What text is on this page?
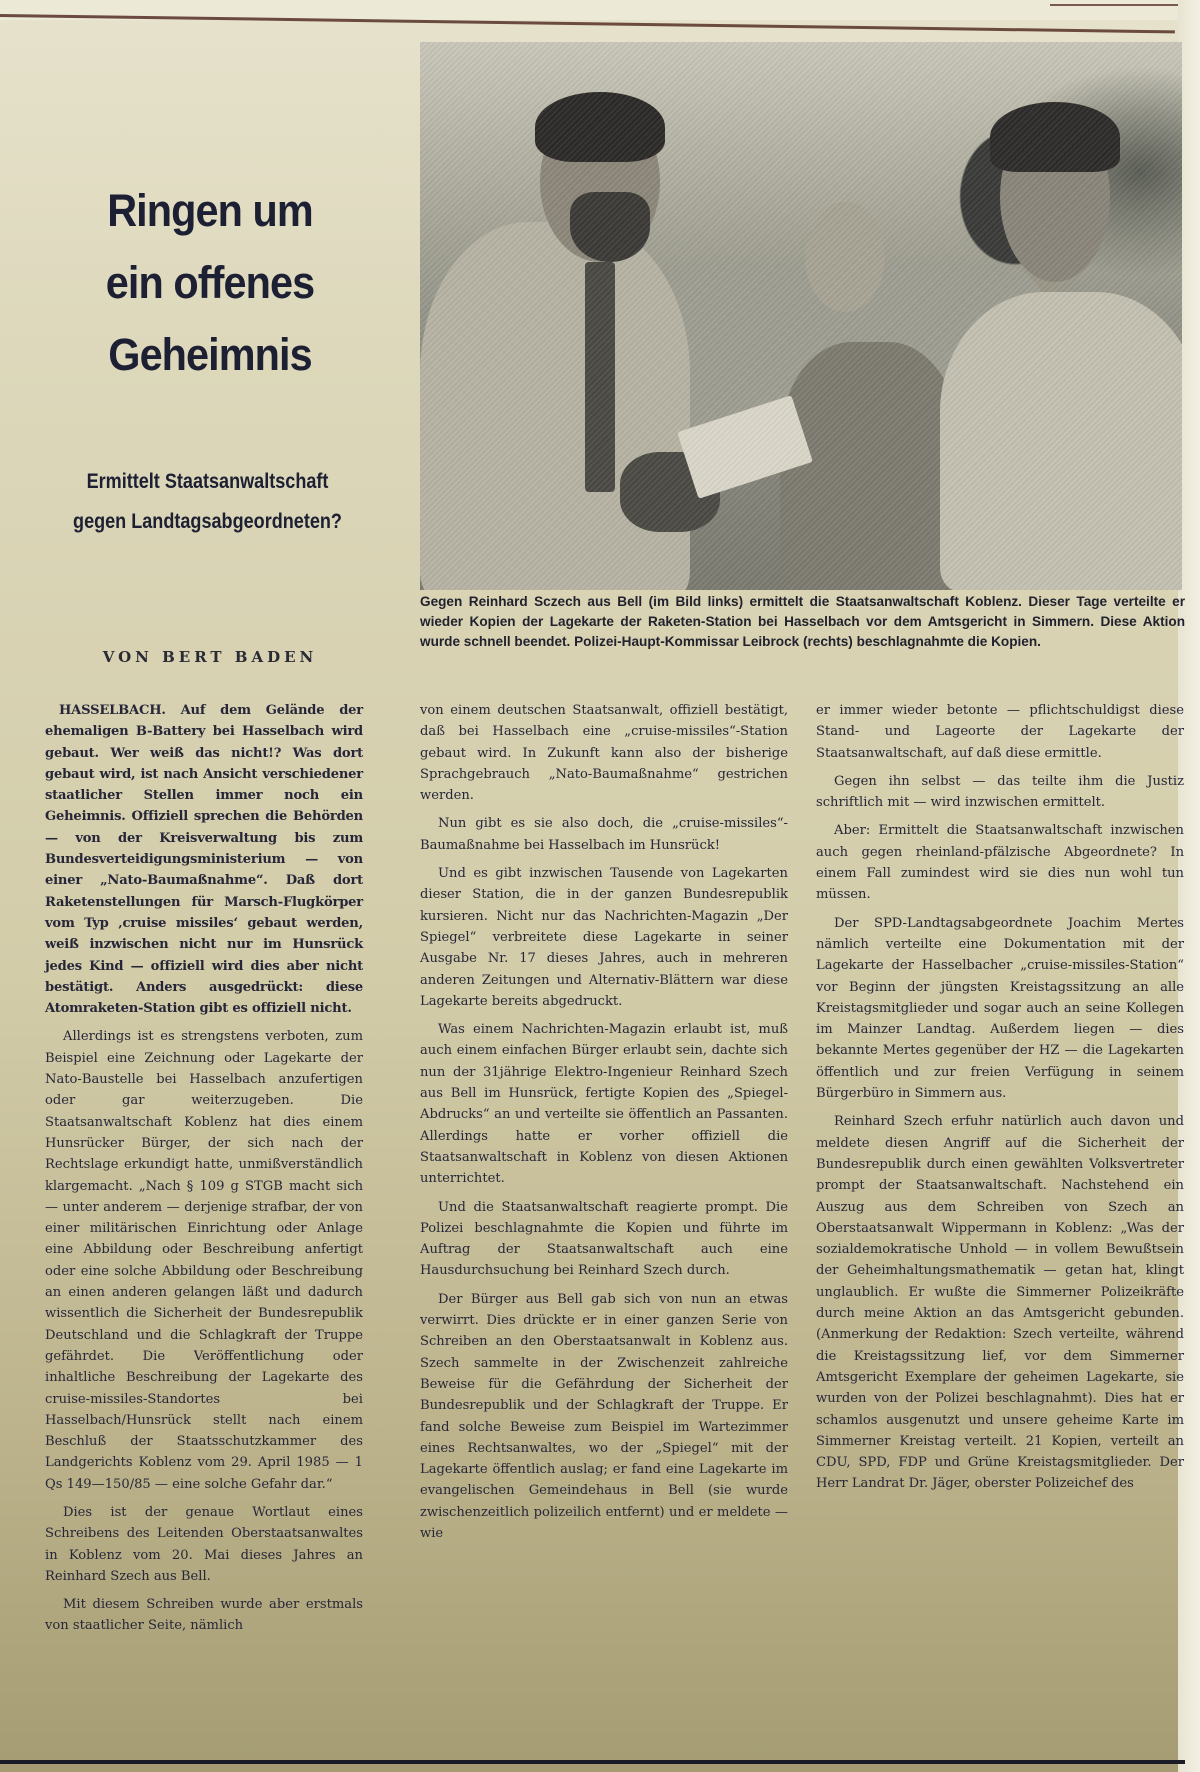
Ringen um
ein offenes
Geheimnis
Ermittelt Staatsanwaltschaft
gegen Landtagsabgeordneten?
Gegen Reinhard Sczech aus Bell (im Bild links) ermittelt die Staatsanwaltschaft Koblenz. Dieser Tage verteilte er wieder Kopien der Lagekarte der Raketen-Station bei Hasselbach vor dem Amtsgericht in Simmern. Diese Aktion wurde schnell beendet. Polizei-Haupt-Kommissar Leibrock (rechts) beschlagnahmte die Kopien.
VON BERT BADEN

HASSELBACH. Auf dem Gelände der ehemaligen B-Battery bei Hasselbach wird gebaut. Wer weiß das nicht!? Was dort gebaut wird, ist nach Ansicht verschiedener staatlicher Stellen immer noch ein Geheimnis. Offiziell sprechen die Behörden — von der Kreisverwaltung bis zum Bundesverteidigungsministerium — von einer „Nato-Baumaßnahme“. Daß dort Raketenstellungen für Marsch-Flugkörper vom Typ ‚cruise missiles‘ gebaut werden, weiß inzwischen nicht nur im Hunsrück jedes Kind — offiziell wird dies aber nicht bestätigt. Anders ausgedrückt: diese Atomraketen-Station gibt es offiziell nicht.

Allerdings ist es strengstens verboten, zum Beispiel eine Zeichnung oder Lagekarte der Nato-Baustelle bei Hasselbach anzufertigen oder gar weiterzugeben. Die Staatsanwaltschaft Koblenz hat dies einem Hunsrücker Bürger, der sich nach der Rechtslage erkundigt hatte, unmißverständlich klargemacht. „Nach § 109 g STGB macht sich — unter anderem — derjenige strafbar, der von einer militärischen Einrichtung oder Anlage eine Abbildung oder Beschreibung anfertigt oder eine solche Abbildung oder Beschreibung an einen anderen gelangen läßt und dadurch wissentlich die Sicherheit der Bundesrepublik Deutschland und die Schlagkraft der Truppe gefährdet. Die Veröffentlichung oder inhaltliche Beschreibung der Lagekarte des cruise-missiles-Standortes bei Hasselbach/Hunsrück stellt nach einem Beschluß der Staatsschutzkammer des Landgerichts Koblenz vom 29. April 1985 — 1 Qs 149—150/85 — eine solche Gefahr dar.“

Dies ist der genaue Wortlaut eines Schreibens des Leitenden Oberstaatsanwaltes in Koblenz vom 20. Mai dieses Jahres an Reinhard Szech aus Bell.

Mit diesem Schreiben wurde aber erstmals von staatlicher Seite, nämlich

von einem deutschen Staatsanwalt, offiziell bestätigt, daß bei Hasselbach eine „cruise-missiles“-Station gebaut wird. In Zukunft kann also der bisherige Sprachgebrauch „Nato-Baumaßnahme“ gestrichen werden.

Nun gibt es sie also doch, die „cruise-missiles“-Baumaßnahme bei Hasselbach im Hunsrück!

Und es gibt inzwischen Tausende von Lagekarten dieser Station, die in der ganzen Bundesrepublik kursieren. Nicht nur das Nachrichten-Magazin „Der Spiegel“ verbreitete diese Lagekarte in seiner Ausgabe Nr. 17 dieses Jahres, auch in mehreren anderen Zeitungen und Alternativ-Blättern war diese Lagekarte bereits abgedruckt.

Was einem Nachrichten-Magazin erlaubt ist, muß auch einem einfachen Bürger erlaubt sein, dachte sich nun der 31jährige Elektro-Ingenieur Reinhard Szech aus Bell im Hunsrück, fertigte Kopien des „Spiegel-Abdrucks“ an und verteilte sie öffentlich an Passanten. Allerdings hatte er vorher offiziell die Staatsanwaltschaft in Koblenz von diesen Aktionen unterrichtet.

Und die Staatsanwaltschaft reagierte prompt. Die Polizei beschlagnahmte die Kopien und führte im Auftrag der Staatsanwaltschaft auch eine Hausdurchsuchung bei Reinhard Szech durch.

Der Bürger aus Bell gab sich von nun an etwas verwirrt. Dies drückte er in einer ganzen Serie von Schreiben an den Oberstaatsanwalt in Koblenz aus. Szech sammelte in der Zwischenzeit zahlreiche Beweise für die Gefährdung der Sicherheit der Bundesrepublik und der Schlagkraft der Truppe. Er fand solche Beweise zum Beispiel im Wartezimmer eines Rechtsanwaltes, wo der „Spiegel“ mit der Lagekarte öffentlich auslag; er fand eine Lagekarte im evangelischen Gemeindehaus in Bell (sie wurde zwischenzeitlich polizeilich entfernt) und er meldete — wie

er immer wieder betonte — pflichtschuldigst diese Stand- und Lageorte der Lagekarte der Staatsanwaltschaft, auf daß diese ermittle.

Gegen ihn selbst — das teilte ihm die Justiz schriftlich mit — wird inzwischen ermittelt.

Aber: Ermittelt die Staatsanwaltschaft inzwischen auch gegen rheinland-pfälzische Abgeordnete? In einem Fall zumindest wird sie dies nun wohl tun müssen.

Der SPD-Landtagsabgeordnete Joachim Mertes nämlich verteilte eine Dokumentation mit der Lagekarte der Hasselbacher „cruise-missiles-Station“ vor Beginn der jüngsten Kreistagssitzung an alle Kreistagsmitglieder und sogar auch an seine Kollegen im Mainzer Landtag. Außerdem liegen — dies bekannte Mertes gegenüber der HZ — die Lagekarten öffentlich und zur freien Verfügung in seinem Bürgerbüro in Simmern aus.

Reinhard Szech erfuhr natürlich auch davon und meldete diesen Angriff auf die Sicherheit der Bundesrepublik durch einen gewählten Volksvertreter prompt der Staatsanwaltschaft. Nachstehend ein Auszug aus dem Schreiben von Szech an Oberstaatsanwalt Wippermann in Koblenz: „Was der sozialdemokratische Unhold — in vollem Bewußtsein der Geheimhaltungsmathematik — getan hat, klingt unglaublich. Er wußte die Simmerner Polizeikräfte durch meine Aktion an das Amtsgericht gebunden. (Anmerkung der Redaktion: Szech verteilte, während die Kreistagssitzung lief, vor dem Simmerner Amtsgericht Exemplare der geheimen Lagekarte, sie wurden von der Polizei beschlagnahmt). Dies hat er schamlos ausgenutzt und unsere geheime Karte im Simmerner Kreistag verteilt. 21 Kopien, verteilt an CDU, SPD, FDP und Grüne Kreistagsmitglieder. Der Herr Landrat Dr. Jäger, oberster Polizeichef des
